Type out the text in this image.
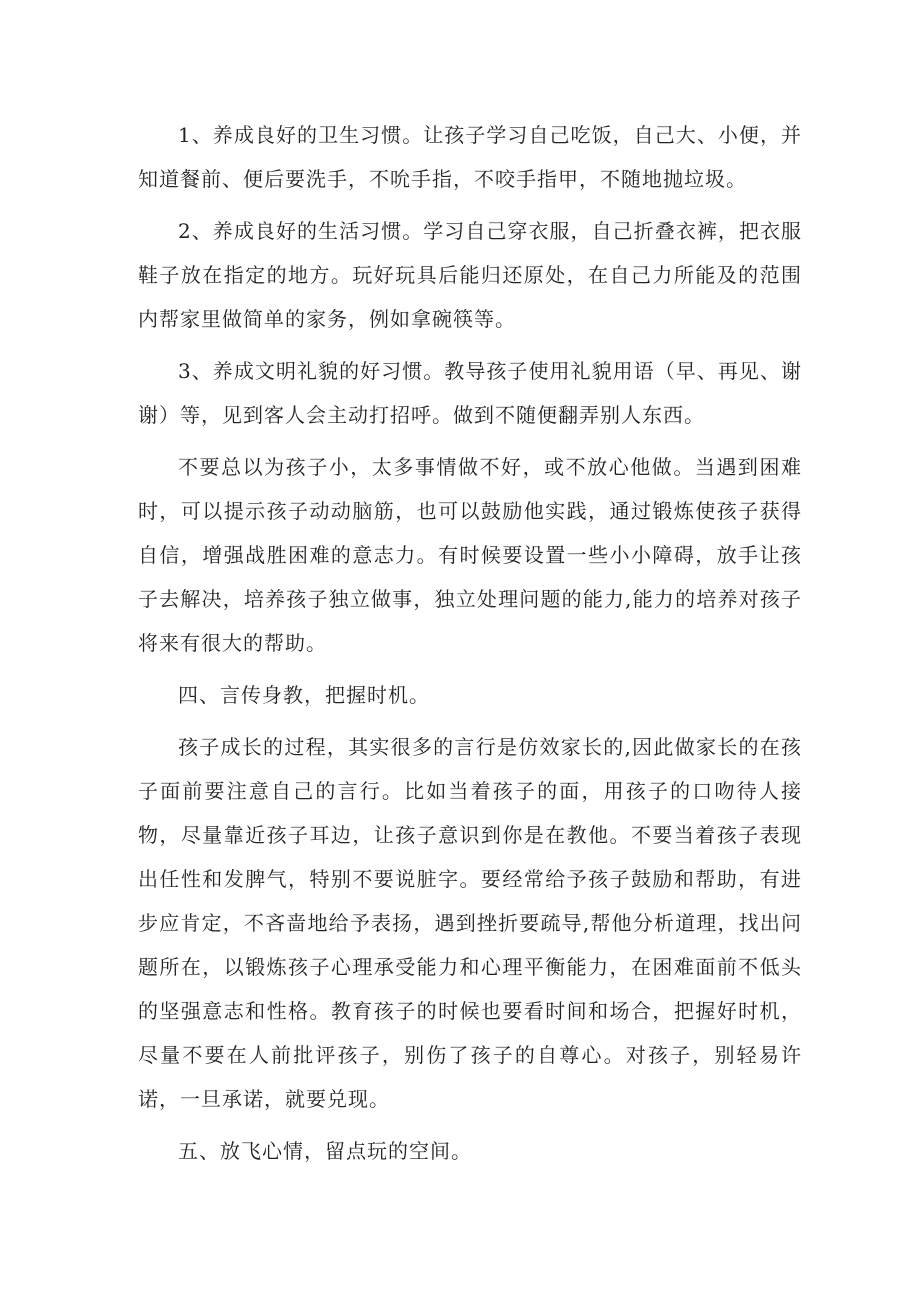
1、养成良好的卫生习惯。让孩子学习自己吃饭，自己大、小便，并知道餐前、便后要洗手，不吮手指，不咬手指甲，不随地抛垃圾。

2、养成良好的生活习惯。学习自己穿衣服，自己折叠衣裤，把衣服鞋子放在指定的地方。玩好玩具后能归还原处，在自己力所能及的范围内帮家里做简单的家务，例如拿碗筷等。

3、养成文明礼貌的好习惯。教导孩子使用礼貌用语（早、再见、谢谢）等，见到客人会主动打招呼。做到不随便翻弄别人东西。

不要总以为孩子小，太多事情做不好，或不放心他做。当遇到困难时，可以提示孩子动动脑筋，也可以鼓励他实践，通过锻炼使孩子获得自信，增强战胜困难的意志力。有时候要设置一些小小障碍，放手让孩子去解决，培养孩子独立做事，独立处理问题的能力,能力的培养对孩子将来有很大的帮助。

四、言传身教，把握时机。

孩子成长的过程，其实很多的言行是仿效家长的,因此做家长的在孩子面前要注意自己的言行。比如当着孩子的面，用孩子的口吻待人接物，尽量靠近孩子耳边，让孩子意识到你是在教他。不要当着孩子表现出任性和发脾气，特别不要说脏字。要经常给予孩子鼓励和帮助，有进步应肯定，不吝啬地给予表扬，遇到挫折要疏导,帮他分析道理，找出问题所在，以锻炼孩子心理承受能力和心理平衡能力，在困难面前不低头的坚强意志和性格。教育孩子的时候也要看时间和场合，把握好时机，尽量不要在人前批评孩子，别伤了孩子的自尊心。对孩子，别轻易许诺，一旦承诺，就要兑现。

五、放飞心情，留点玩的空间。
